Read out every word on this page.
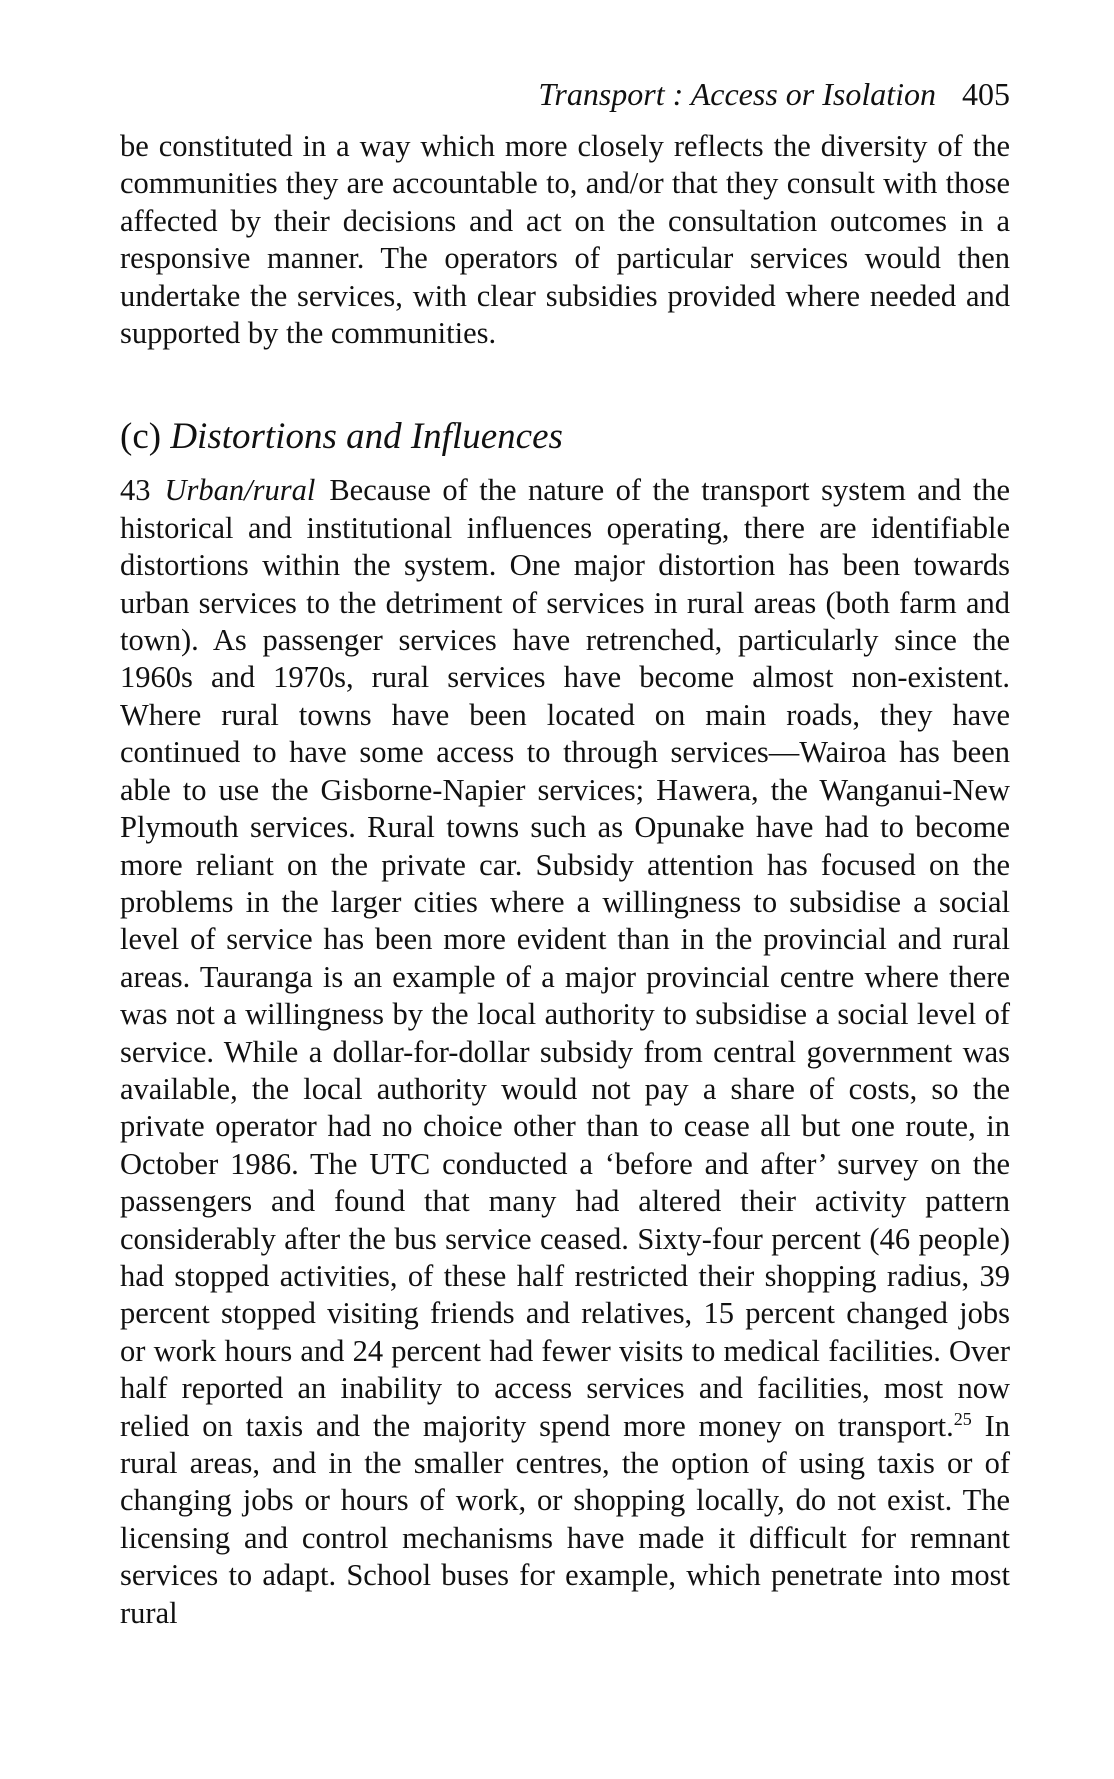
Transport : Access or Isolation 405

be constituted in a way which more closely reflects the diversity of the communities they are accountable to, and/or that they consult with those affected by their decisions and act on the consultation outcomes in a responsive manner. The operators of particular services would then undertake the services, with clear subsidies provided where needed and supported by the communities.

(c) Distortions and Influences

43 Urban/rural Because of the nature of the transport system and the historical and institutional influences operating, there are identifiable distortions within the system. One major distortion has been towards urban services to the detriment of services in rural areas (both farm and town). As passenger services have retrenched, particularly since the 1960s and 1970s, rural services have become almost non-existent. Where rural towns have been located on main roads, they have continued to have some access to through services—Wairoa has been able to use the Gisborne-Napier services; Hawera, the Wanganui-New Plymouth services. Rural towns such as Opunake have had to become more reliant on the private car. Subsidy attention has focused on the problems in the larger cities where a willingness to subsidise a social level of service has been more evident than in the provincial and rural areas. Tauranga is an example of a major provincial centre where there was not a willingness by the local authority to subsidise a social level of service. While a dollar-for-dollar subsidy from central government was available, the local authority would not pay a share of costs, so the private operator had no choice other than to cease all but one route, in October 1986. The UTC conducted a ‘before and after’ survey on the passengers and found that many had altered their activity pattern considerably after the bus service ceased. Sixty-four percent (46 people) had stopped activities, of these half restricted their shopping radius, 39 percent stopped visiting friends and relatives, 15 percent changed jobs or work hours and 24 percent had fewer visits to medical facilities. Over half reported an inability to access services and facilities, most now relied on taxis and the majority spend more money on transport.$^{25}$ In rural areas, and in the smaller centres, the option of using taxis or of changing jobs or hours of work, or shopping locally, do not exist. The licensing and control mechanisms have made it difficult for remnant services to adapt. School buses for example, which penetrate into most rural
